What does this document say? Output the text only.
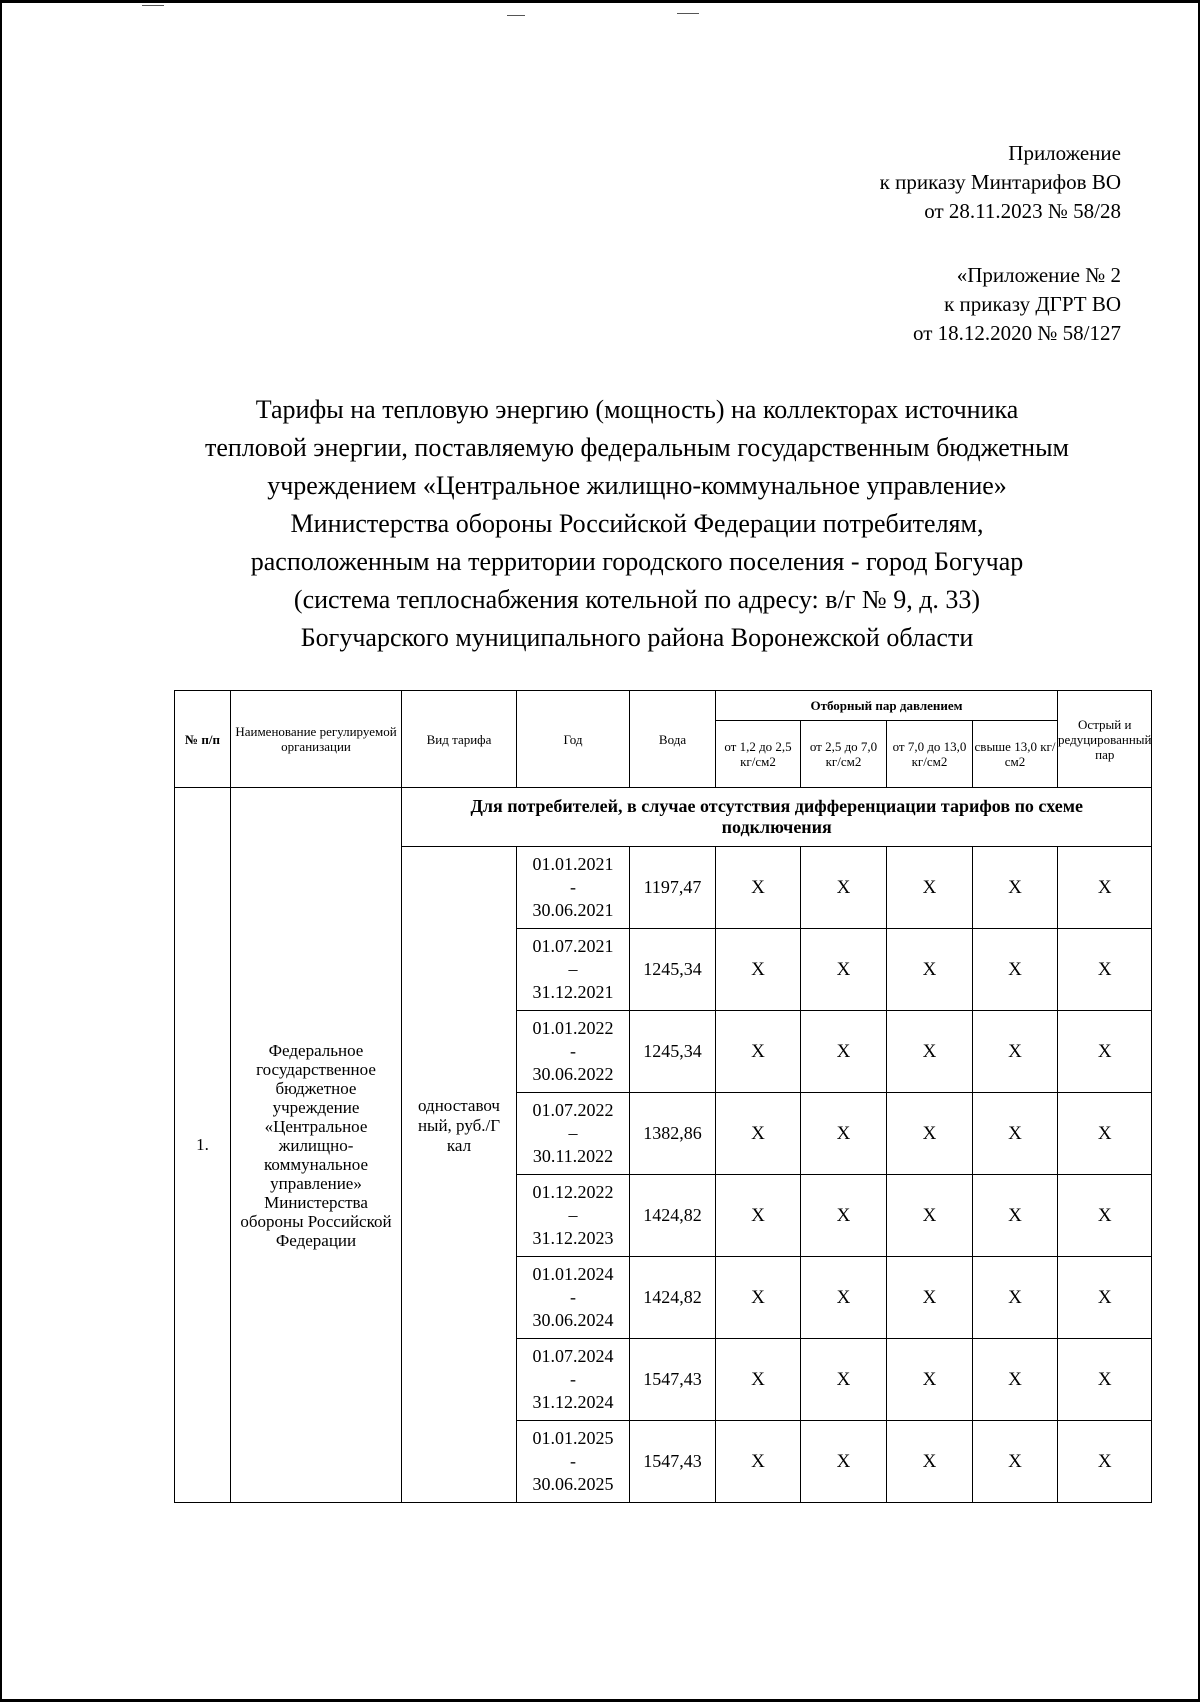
Приложение
к приказу Минтарифов ВО
от 28.11.2023 № 58/28
«Приложение № 2
к приказу ДГРТ ВО
от 18.12.2020 № 58/127
Тарифы на тепловую энергию (мощность) на коллекторах источника
тепловой энергии, поставляемую федеральным государственным бюджетным
учреждением «Центральное жилищно-коммунальное управление»
Министерства обороны Российской Федерации потребителям,
расположенным на территории городского поселения - город Богучар
(система теплоснабжения котельной по адресу: в/г № 9, д. 33)
Богучарского муниципального района Воронежской области
№ п/п	Наименование регулируемой организации	Вид тарифа	Год	Вода	Отборный пар давлением				Острый и редуцированный пар
					от 1,2 до 2,5 кг/см2	от 2,5 до 7,0 кг/см2	от 7,0 до 13,0 кг/см2	свыше 13,0 кг/см2	
1.	Федеральное государственное бюджетное учреждение «Центральное жилищно-коммунальное управление» Министерства обороны Российской Федерации	Для потребителей, в случае отсутствия дифференциации тарифов по схеме подключения							
		одноставочный, руб./Гкал	01.01.2021
-
30.06.2021	1197,47	Х	Х	Х	Х	Х

			01.07.2021
–
31.12.2021	1245,34	Х	Х	Х	Х	Х

			01.01.2022
-
30.06.2022	1245,34	Х	Х	Х	Х	Х

			01.07.2022
–
30.11.2022	1382,86	Х	Х	Х	Х	Х

			01.12.2022
–
31.12.2023	1424,82	Х	Х	Х	Х	Х

			01.01.2024
-
30.06.2024	1424,82	Х	Х	Х	Х	Х

			01.07.2024
-
31.12.2024	1547,43	Х	Х	Х	Х	Х

			01.01.2025
-
30.06.2025	1547,43	Х	Х	Х	Х	Х
